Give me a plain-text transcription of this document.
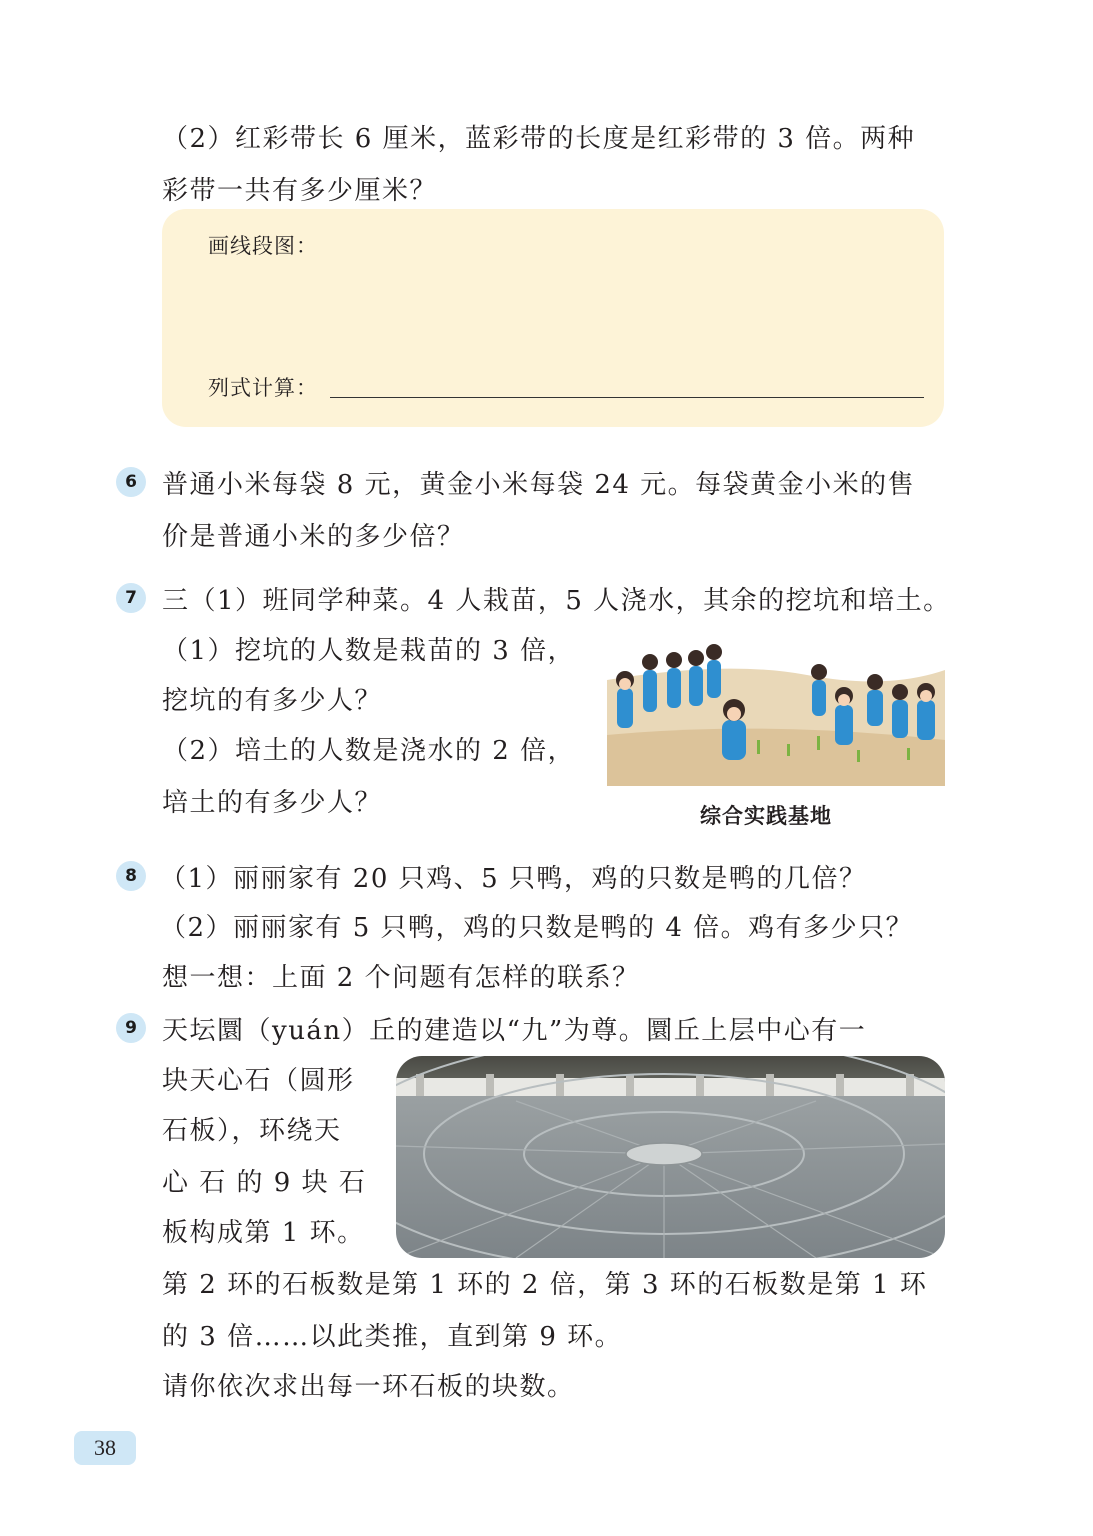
（2）红彩带长 6 厘米，蓝彩带的长度是红彩带的 3 倍。两种
彩带一共有多少厘米？
画线段图：
列式计算：
6 普通小米每袋 8 元，黄金小米每袋 24 元。每袋黄金小米的售
价是普通小米的多少倍？
7 三（1）班同学种菜。4 人栽苗，5 人浇水，其余的挖坑和培土。
（1）挖坑的人数是栽苗的 3 倍，
挖坑的有多少人？
（2）培土的人数是浇水的 2 倍，
培土的有多少人？	综合实践基地
8 （1）丽丽家有 20 只鸡、5 只鸭，鸡的只数是鸭的几倍？
（2）丽丽家有 5 只鸭，鸡的只数是鸭的 4 倍。鸡有多少只？
想一想：上面 2 个问题有怎样的联系？
9 天坛圜（yuán）丘的建造以“九”为尊。圜丘上层中心有一
块天心石（圆形
石板），环绕天
心 石 的 9 块 石
板构成第 1 环。
第 2 环的石板数是第 1 环的 2 倍，第 3 环的石板数是第 1 环
的 3 倍……以此类推，直到第 9 环。
请你依次求出每一环石板的块数。
38
